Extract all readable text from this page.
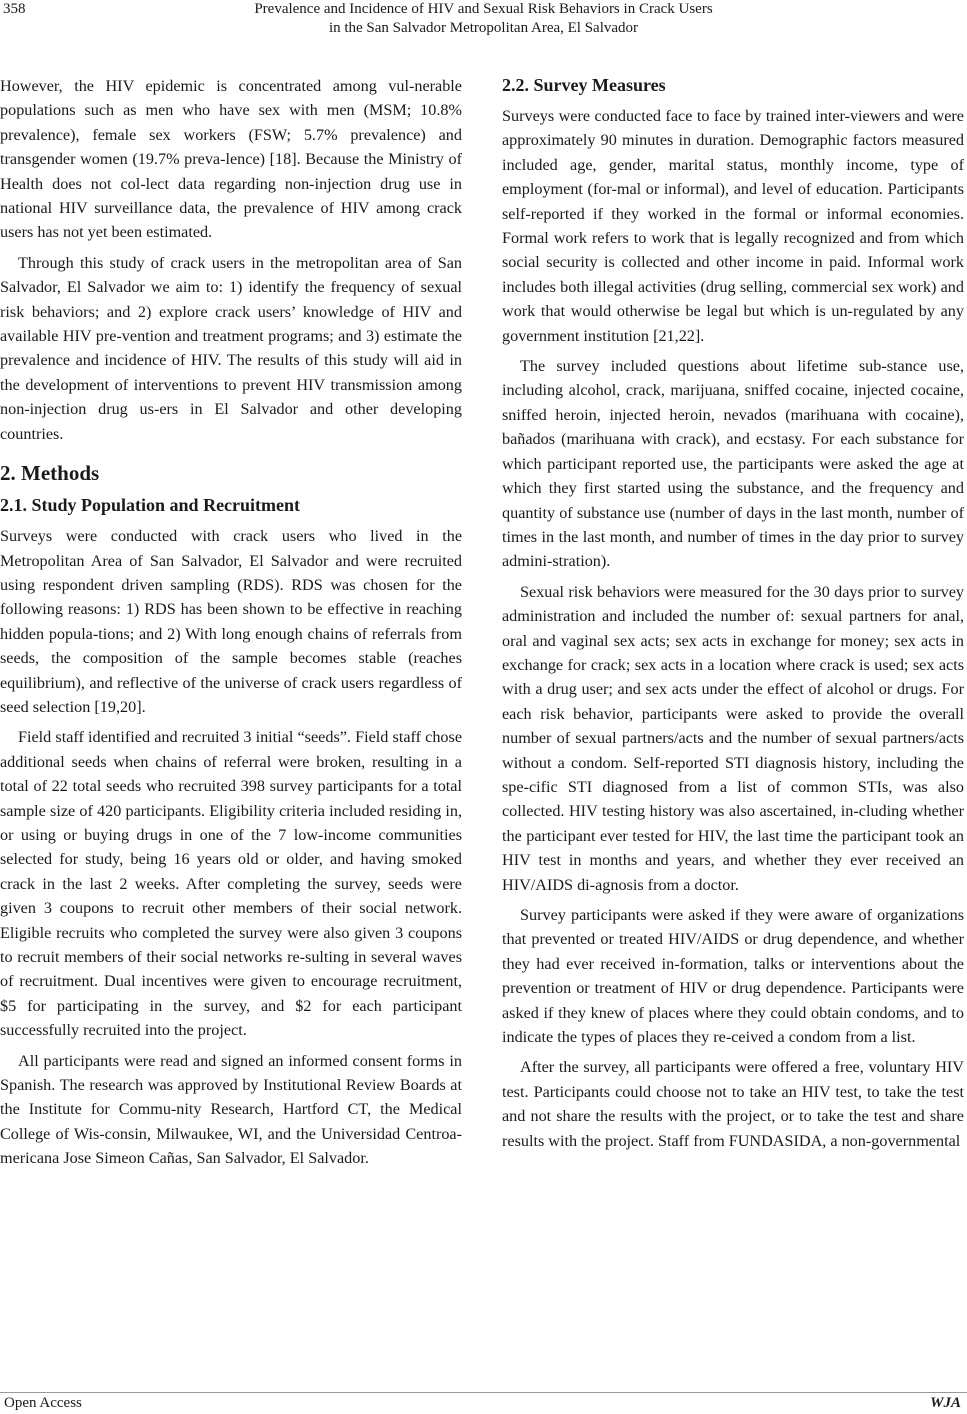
358	Prevalence and Incidence of HIV and Sexual Risk Behaviors in Crack Users
in the San Salvador Metropolitan Area, El Salvador

However, the HIV epidemic is concentrated among vul-nerable populations such as men who have sex with men (MSM; 10.8% prevalence), female sex workers (FSW; 5.7% prevalence) and transgender women (19.7% preva-lence) [18]. Because the Ministry of Health does not col-lect data regarding non-injection drug use in national HIV surveillance data, the prevalence of HIV among crack users has not yet been estimated.

Through this study of crack users in the metropolitan area of San Salvador, El Salvador we aim to: 1) identify the frequency of sexual risk behaviors; and 2) explore crack users’ knowledge of HIV and available HIV pre-vention and treatment programs; and 3) estimate the prevalence and incidence of HIV. The results of this study will aid in the development of interventions to prevent HIV transmission among non-injection drug us-ers in El Salvador and other developing countries.

2. Methods
2.1. Study Population and Recruitment

Surveys were conducted with crack users who lived in the Metropolitan Area of San Salvador, El Salvador and were recruited using respondent driven sampling (RDS). RDS was chosen for the following reasons: 1) RDS has been shown to be effective in reaching hidden popula-tions; and 2) With long enough chains of referrals from seeds, the composition of the sample becomes stable (reaches equilibrium), and reflective of the universe of crack users regardless of seed selection [19,20].

Field staff identified and recruited 3 initial “seeds”. Field staff chose additional seeds when chains of referral were broken, resulting in a total of 22 total seeds who recruited 398 survey participants for a total sample size of 420 participants. Eligibility criteria included residing in, or using or buying drugs in one of the 7 low-income communities selected for study, being 16 years old or older, and having smoked crack in the last 2 weeks. After completing the survey, seeds were given 3 coupons to recruit other members of their social network. Eligible recruits who completed the survey were also given 3 coupons to recruit members of their social networks re-sulting in several waves of recruitment. Dual incentives were given to encourage recruitment, $5 for participating in the survey, and $2 for each participant successfully recruited into the project.

All participants were read and signed an informed consent forms in Spanish. The research was approved by Institutional Review Boards at the Institute for Commu-nity Research, Hartford CT, the Medical College of Wis-consin, Milwaukee, WI, and the Universidad Centroa-mericana Jose Simeon Cañas, San Salvador, El Salvador.

2.2. Survey Measures

Surveys were conducted face to face by trained inter-viewers and were approximately 90 minutes in duration. Demographic factors measured included age, gender, marital status, monthly income, type of employment (for-mal or informal), and level of education. Participants self-reported if they worked in the formal or informal economies. Formal work refers to work that is legally recognized and from which social security is collected and other income in paid. Informal work includes both illegal activities (drug selling, commercial sex work) and work that would otherwise be legal but which is un-regulated by any government institution [21,22].

The survey included questions about lifetime sub-stance use, including alcohol, crack, marijuana, sniffed cocaine, injected cocaine, sniffed heroin, injected heroin, nevados (marihuana with cocaine), bañados (marihuana with crack), and ecstasy. For each substance for which participant reported use, the participants were asked the age at which they first started using the substance, and the frequency and quantity of substance use (number of days in the last month, number of times in the last month, and number of times in the day prior to survey admini-stration).

Sexual risk behaviors were measured for the 30 days prior to survey administration and included the number of: sexual partners for anal, oral and vaginal sex acts; sex acts in exchange for money; sex acts in exchange for crack; sex acts in a location where crack is used; sex acts with a drug user; and sex acts under the effect of alcohol or drugs. For each risk behavior, participants were asked to provide the overall number of sexual partners/acts and the number of sexual partners/acts without a condom. Self-reported STI diagnosis history, including the spe-cific STI diagnosed from a list of common STIs, was also collected. HIV testing history was also ascertained, in-cluding whether the participant ever tested for HIV, the last time the participant took an HIV test in months and years, and whether they ever received an HIV/AIDS di-agnosis from a doctor.

Survey participants were asked if they were aware of organizations that prevented or treated HIV/AIDS or drug dependence, and whether they had ever received in-formation, talks or interventions about the prevention or treatment of HIV or drug dependence. Participants were asked if they knew of places where they could obtain condoms, and to indicate the types of places they re-ceived a condom from a list.

After the survey, all participants were offered a free, voluntary HIV test. Participants could choose not to take an HIV test, to take the test and not share the results with the project, or to take the test and share results with the project. Staff from FUNDASIDA, a non-governmental

Open Access	WJA
